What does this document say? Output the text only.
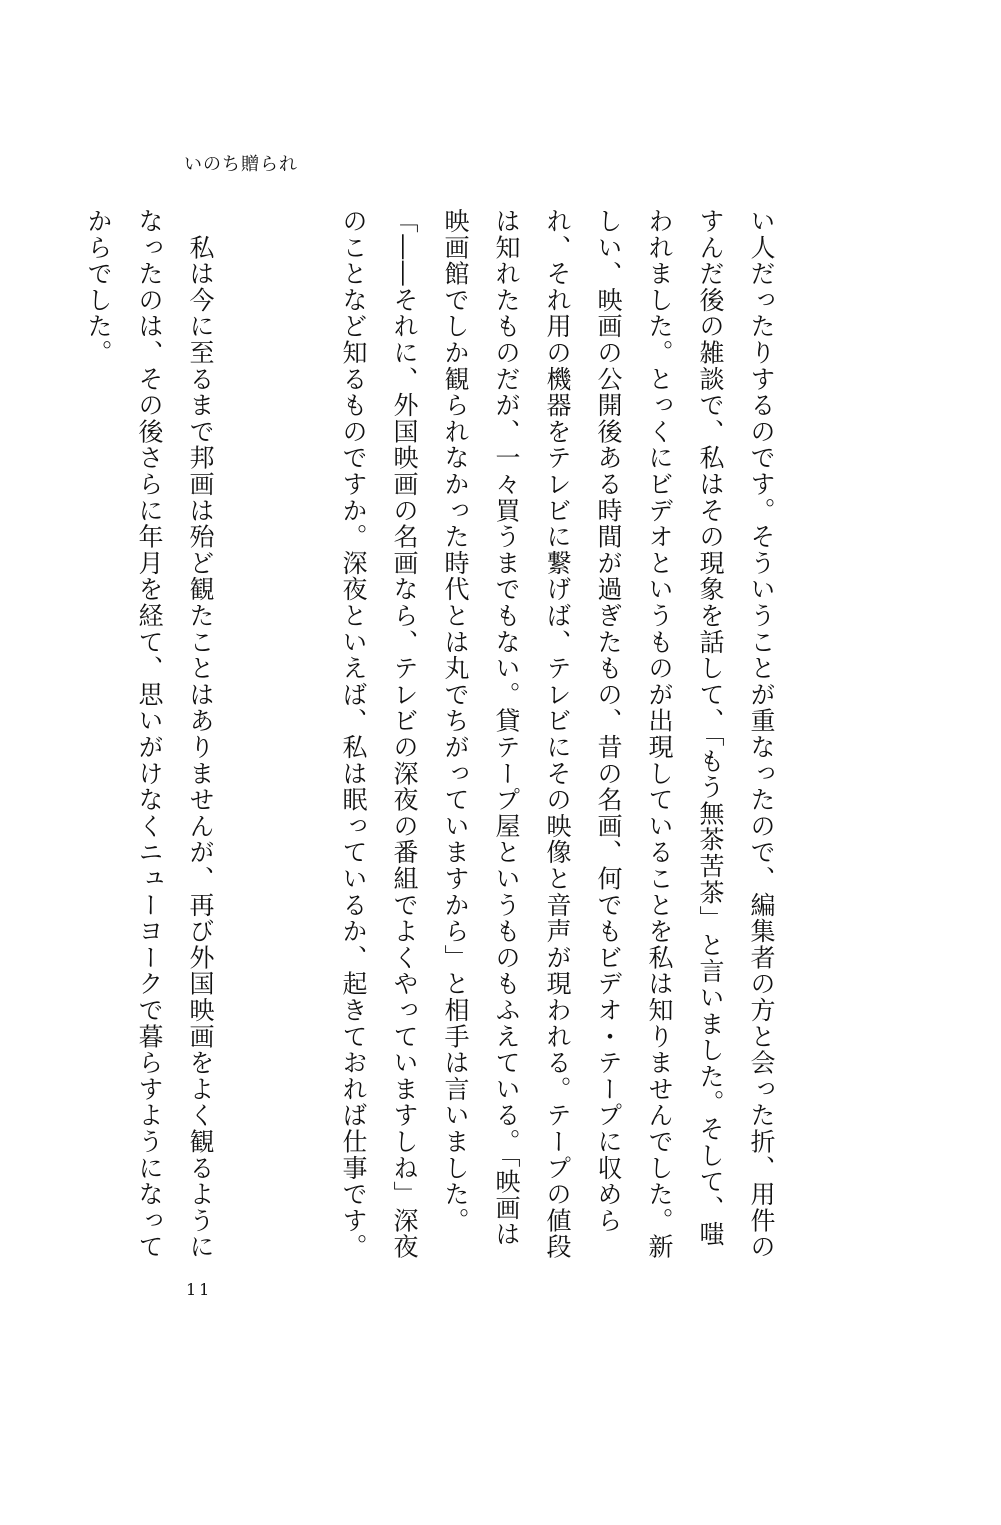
いのち贈られ

い人だったりするのです。そういうことが重なったので、編集者の方と会った折、用件のすんだ後の雑談で、私はその現象を話して、「もう無茶苦茶」と言いました。そして、嗤われました。とっくにビデオというものが出現していることを私は知りませんでした。新しい、映画の公開後ある時間が過ぎたもの、昔の名画、何でもビデオ・テープに収められ、それ用の機器をテレビに繋げば、テレビにその映像と音声が現われる。テープの値段は知れたものだが、一々買うまでもない。貸テープ屋というものもふえている。「映画は映画館でしか観られなかった時代とは丸でちがっていますから」と相手は言いました。「――それに、外国映画の名画なら、テレビの深夜の番組でよくやっていますしね」深夜のことなど知るものですか。深夜といえば、私は眠っているか、起きておれば仕事です。

　私は今に至るまで邦画は殆ど観たことはありませんが、再び外国映画をよく観るようになったのは、その後さらに年月を経て、思いがけなくニューヨークで暮らすようになってからでした。

11
